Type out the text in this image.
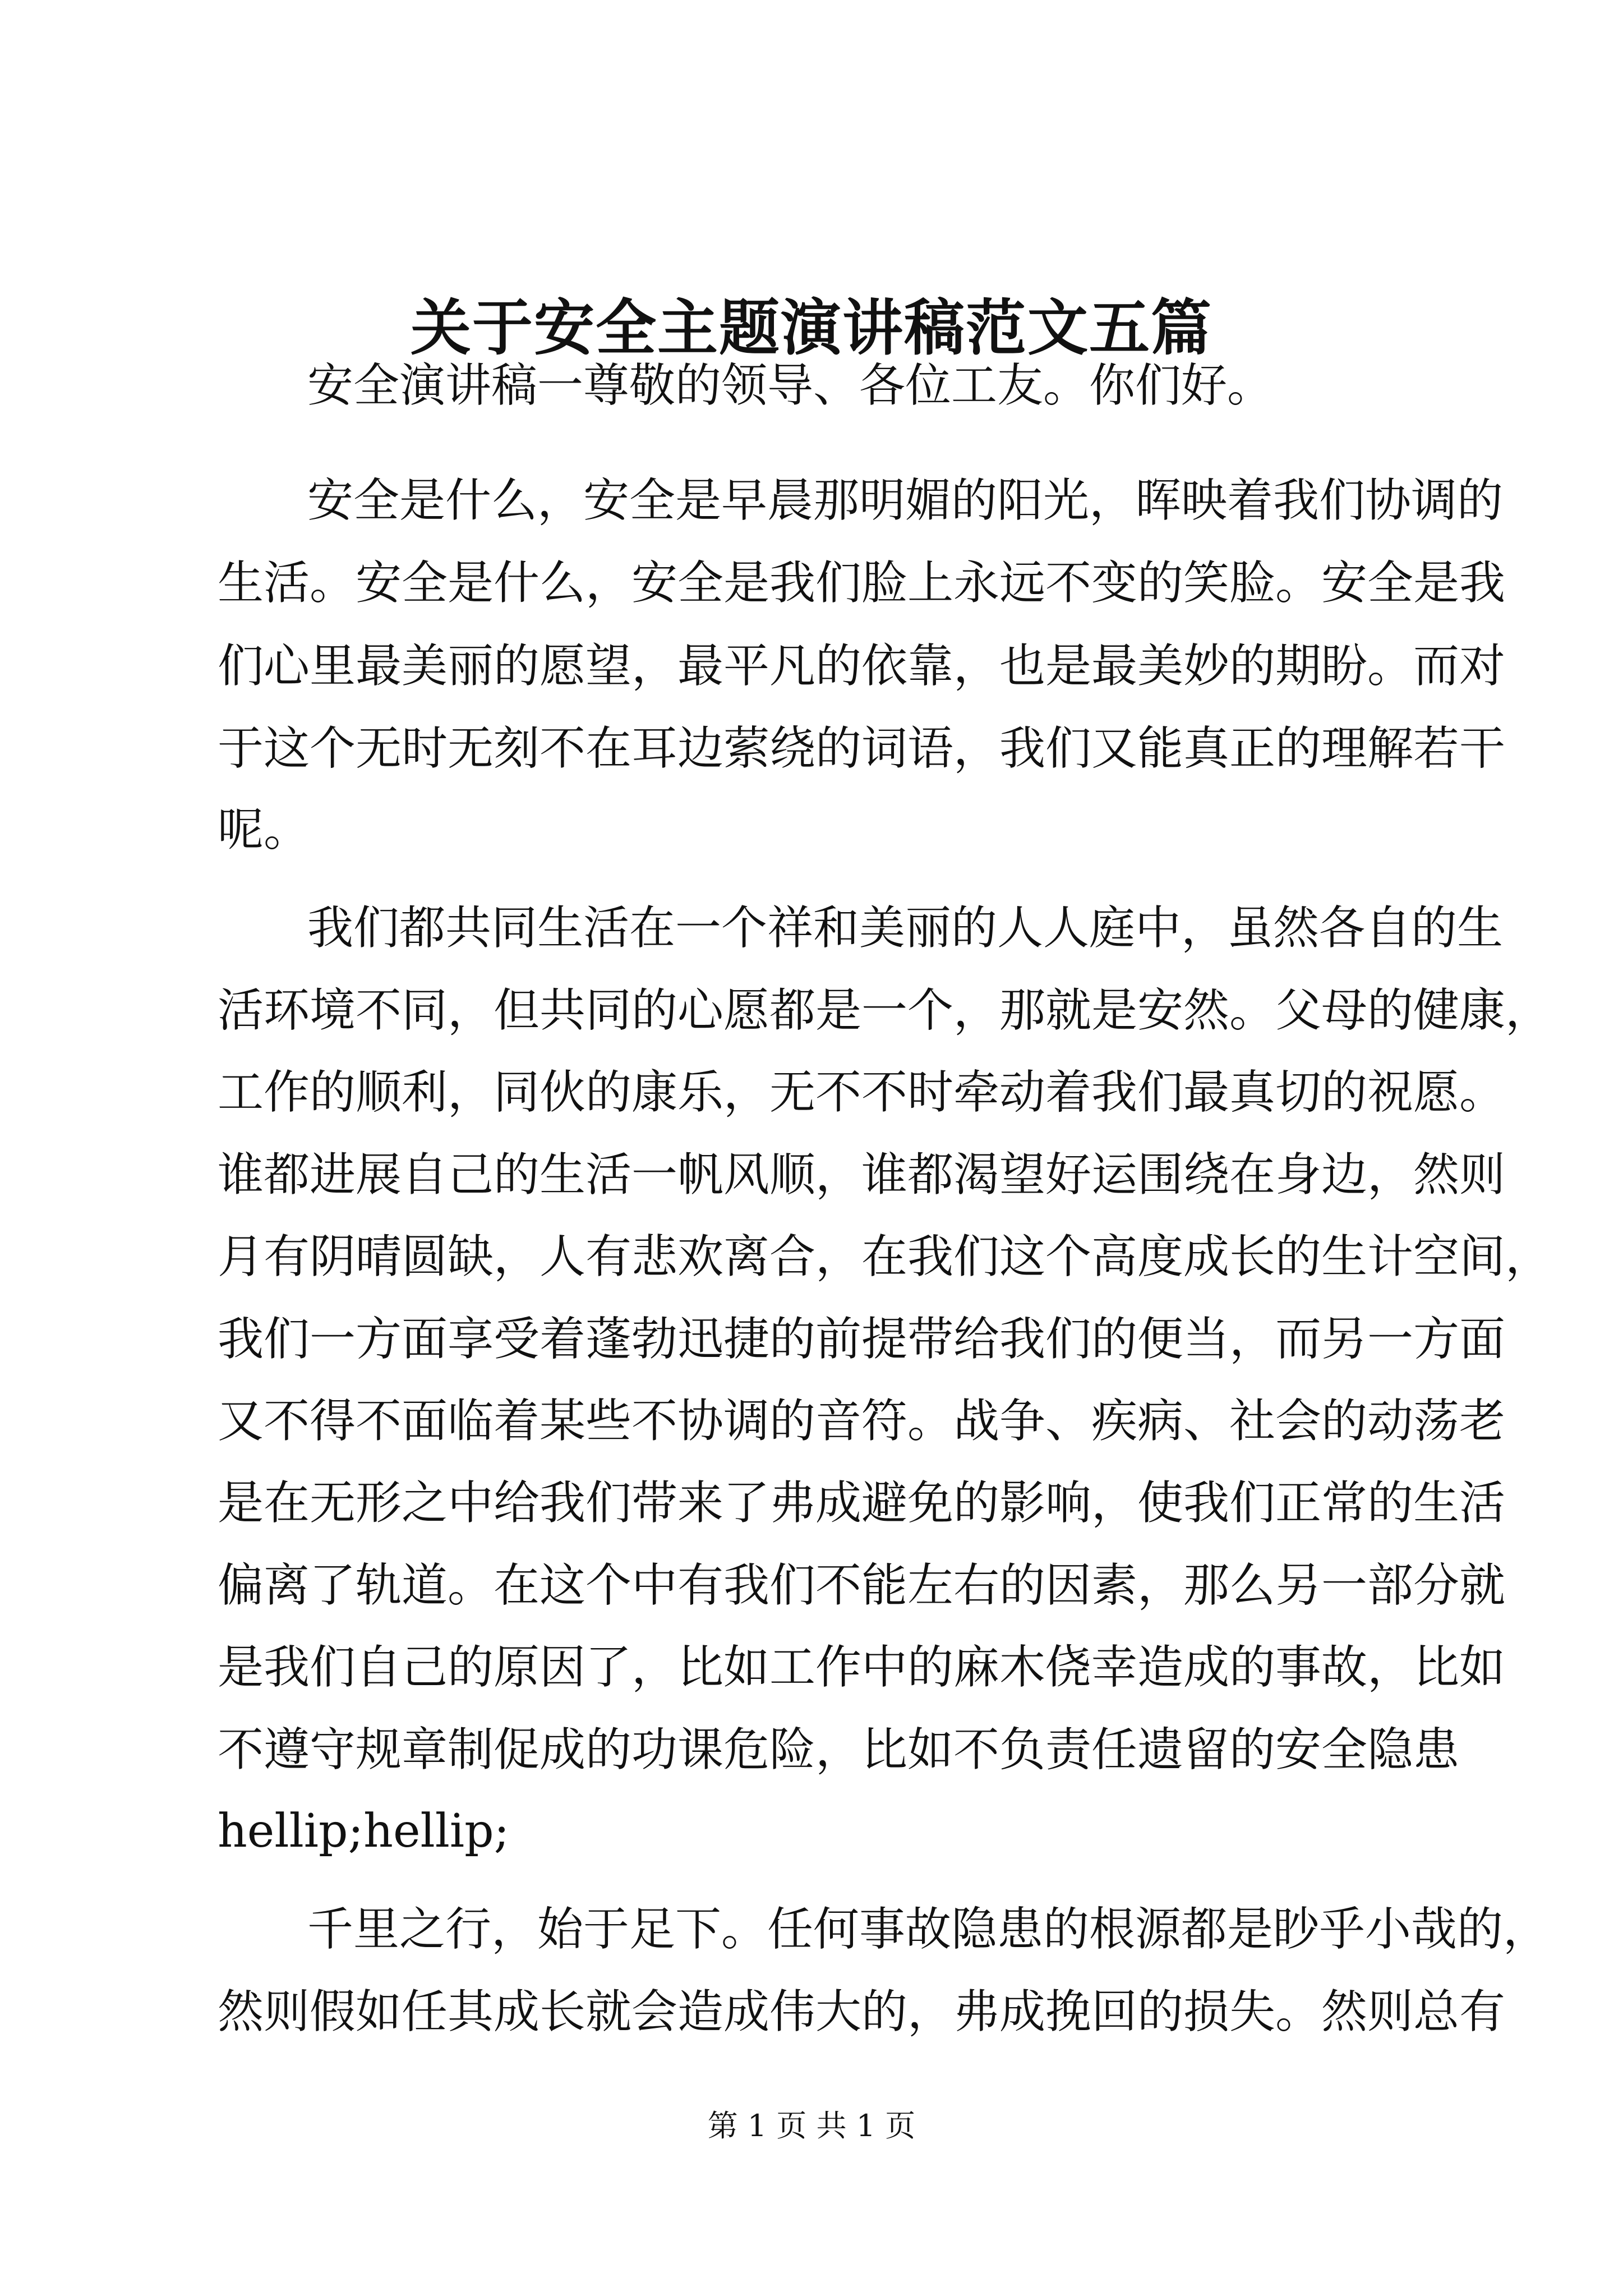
关于安全主题演讲稿范文五篇
安全演讲稿一尊敬的领导、各位工友。你们好。
安全是什么，安全是早晨那明媚的阳光，晖映着我们协调的
生活。安全是什么，安全是我们脸上永远不变的笑脸。安全是我
们心里最美丽的愿望，最平凡的依靠，也是最美妙的期盼。而对
于这个无时无刻不在耳边萦绕的词语，我们又能真正的理解若干
呢。
我们都共同生活在一个祥和美丽的人人庭中，虽然各自的生
活环境不同，但共同的心愿都是一个，那就是安然。父母的健康，
工作的顺利，同伙的康乐，无不不时牵动着我们最真切的祝愿。
谁都进展自己的生活一帆风顺，谁都渴望好运围绕在身边，然则
月有阴晴圆缺，人有悲欢离合，在我们这个高度成长的生计空间，
我们一方面享受着蓬勃迅捷的前提带给我们的便当，而另一方面
又不得不面临着某些不协调的音符。战争、疾病、社会的动荡老
是在无形之中给我们带来了弗成避免的影响，使我们正常的生活
偏离了轨道。在这个中有我们不能左右的因素，那么另一部分就
是我们自己的原因了，比如工作中的麻木侥幸造成的事故，比如
不遵守规章制促成的功课危险，比如不负责任遗留的安全隐患
hellip;hellip;
千里之行，始于足下。任何事故隐患的根源都是眇乎小哉的，
然则假如任其成长就会造成伟大的，弗成挽回的损失。然则总有
第 1 页 共 1 页
